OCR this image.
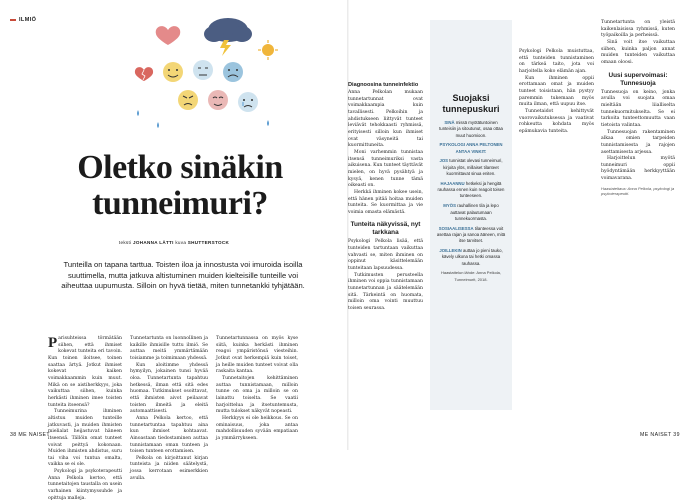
ILMIÖ
Oletko sinäkin
tunneimuri?
teksti JOHANNA LÄTTI kuva SHUTTERSTOCK

Tunteilla on tapana tarttua. Toisten iloa ja innostusta voi imuroida isoilla suuttimella, mutta jatkuva altistuminen muiden kielteisille tunteille voi aiheuttaa uupumusta. Silloin on hyvä tietää, miten tunnetankki tyhjätään.

P arisuhteissa törmätään siihen, että ihmiset kokevat tunteita eri tavoin. Kun toinen iloitsee, toinen saattaa ärtyä. Jotkut ihmiset kokevat kaiken voimakkaammin kuin muut. Mikä on se aistiherkkyys, joka vaikuttaa siihen, kuinka herkästi ihminen imee toisten tunteita itseensä?

Tunneimurina ihminen altistuu muiden tunteille jatkuvasti, ja muiden ihmisten mielialat heijastuvat häneen itseensä. Tällöin omat tunteet voivat peittyä kokonaan. Muiden ihmisten ahdistus, suru tai viha voi tuntua omalta, vaikka se ei ole.

Psykologi ja psykoterapeutti Anna Pelkola kertoo, että tunnetaitojen taustalla on usein varhainen kiintymyssuhde ja opittuja malleja.

Tunnetartunta on luonnollinen ja kaikille ihmisille tuttu ilmiö. Se auttaa meitä ymmärtämään toisiamme ja toimimaan yhdessä.

Kun aloitimme yhdessä hymyilyn, jokainen tunsi hyvää oloa. Tunnetartunta tapahtuu hetkessä, ilman että sitä edes huomaa. Tutkimukset osoittavat, että ihmisten aivot peilaavat toisten ilmeitä ja eleitä automaattisesti.

Anna Pelkola kertoo, että tunnetartuntaa tapahtuu aina kun ihmiset kohtaavat. Ainoastaan tiedostaminen auttaa tunnistamaan oman tunteen ja toisen tunteen erottamisen.

Pelkola on kirjoittanut kirjan tunteista ja niiden säätelystä, jossa kerrotaan esimerkkien avulla.

Tunnetartunnassa on myös kyse siitä, kuinka herkästi ihminen reagoi ympäristönsä viesteihin. Jotkut ovat herkempiä kuin toiset, ja heille muiden tunteet voivat olla raskaita kantaa.

Tunnetaitojen kehittäminen auttaa tunnistamaan, milloin tunne on oma ja milloin se on lainattu toiselta. Se vaatii harjoittelua ja itsetuntemusta, mutta tulokset näkyvät nopeasti.

Herkkyys ei ole heikkous. Se on ominaisuus, joka antaa mahdollisuuden syvään empatiaan ja ymmärrykseen.

Diagnoosina tunneinfektio

Anna Pelkolan mukaan tunnetartunnat ovat voimakkaampia kuin tavallisesti. Pelkoihin ja ahdistukseen liittyvät tunteet leviävät tehokkaasti ryhmissä, erityisesti silloin kun ihmiset ovat väsyneitä tai kuormittuneita.

Moni varhemmin tunnistaa itsensä tunneimuriksi vasta aikuisena. Kun tunteet täyttävät mielen, on hyvä pysähtyä ja kysyä, kenen tunne tämä oikeasti on.

Herkkä ihminen kokee usein, että hänen pitää hoitaa muiden tunteita. Se kuormittaa ja vie voimia omasta elämästä.

Tunteita näkyvissä, nyt tarkkana

Psykologi Pelkola lisää, että tunteiden tartuntaan vaikuttaa vahvasti se, miten ihminen on oppinut käsittelemään tunteitaan lapsuudessa.

Tutkimusten perusteella ihminen voi oppia tunnistamaan tunnetartunnan ja säätelemään sitä. Tärkeintä on huomata, milloin oma vointi muuttuu toisen seurassa.

Suojaksi tunnepuskuri

SINÄ missä myötätuntoinen tunteisiin ja sitoutunut, osaa ottaa muut huomioon.

PSYKOLOGI ANNA PELTONEN ANTAA VINKIT:

JOS tunnistat olevasi tunneimuri, kirjoita ylös, millaiset tilanteet kuormittavat sinua eniten.

HAJAANNU hetkeksi ja hengitä rauhassa ennen kuin reagoit toisen tunteeseen.

MYÖS rauhallinen tila ja lepo auttavat palautumaan tunnekuormasta.

SOSIAALISESSA tilanteessa voit asettaa rajan ja sanoa ääneen, mitä itse tarvitset.

JOILLEKIN auttaa jo pieni tauko, kävely ulkona tai hetki omassa rauhassa.

Haastattelun lähde: Anna Pelkola, Tunneimurit, 2018.

Psykologi Pelkola muistuttaa, että tunteiden tunnistaminen on tärkeä taito, jota voi harjoitella koko elämän ajan.

Kun ihminen oppii erottamaan omat ja muiden tunteet toisistaan, hän pystyy paremmin tukemaan myös muita ilman, että uupuu itse.

Tunnetaidot kehittyvät vuorovaikutuksessa ja vaativat rohkeutta kohdata myös epämukavia tunteita.

Tunnetartunta on yleistä kaikenlaisissa ryhmissä, kuten työpaikoilla ja perheissä.

Sinä voit itse vaikuttaa siihen, kuinka paljon annat muiden tunteiden vaikuttaa omaan oloosi.

Uusi supervoimasi: Tunnesuoja

Tunnesuoja on keino, jonka avulla voi suojata omaa mieltään liialliselta tunnekuormitukselta. Se ei tarkoita tunteettomuutta vaan tietoista valintaa.

Tunnesuojan rakentaminen alkaa omien tarpeiden tunnistamisesta ja rajojen asettamisesta arjessa.

Harjoittelun myötä tunneimuri oppii hyödyntämään herkkyyttään voimavarana.

Haastateltava: Anna Pelkola, psykologi ja psykoterapeutti.
38 ME NAISET	ME NAISET 39
